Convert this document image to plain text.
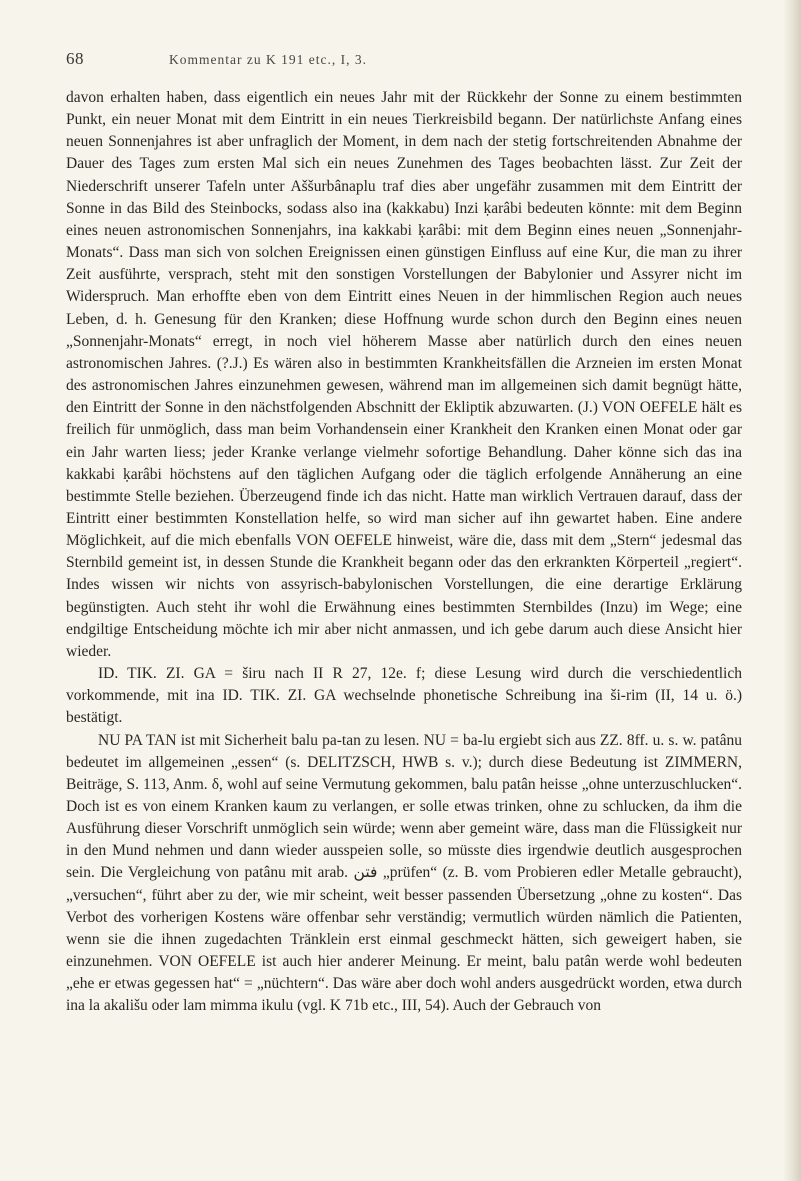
68	Kommentar zu K 191 etc., I, 3.

davon erhalten haben, dass eigentlich ein neues Jahr mit der Rückkehr der Sonne zu einem bestimmten Punkt, ein neuer Monat mit dem Eintritt in ein neues Tierkreisbild begann. Der natürlichste Anfang eines neuen Sonnenjahres ist aber unfraglich der Moment, in dem nach der stetig fortschreitenden Abnahme der Dauer des Tages zum ersten Mal sich ein neues Zunehmen des Tages beobachten lässt. Zur Zeit der Niederschrift unserer Tafeln unter Aššurbânaplu traf dies aber ungefähr zusammen mit dem Eintritt der Sonne in das Bild des Steinbocks, sodass also ina (kakkabu) Inzi ḳarâbi bedeuten könnte: mit dem Beginn eines neuen astronomischen Sonnenjahrs, ina kakkabi ḳarâbi: mit dem Beginn eines neuen „Sonnenjahr-Monats“. Dass man sich von solchen Ereignissen einen günstigen Einfluss auf eine Kur, die man zu ihrer Zeit ausführte, versprach, steht mit den sonstigen Vorstellungen der Babylonier und Assyrer nicht im Widerspruch. Man erhoffte eben von dem Eintritt eines Neuen in der himmlischen Region auch neues Leben, d. h. Genesung für den Kranken; diese Hoffnung wurde schon durch den Beginn eines neuen „Sonnenjahr-Monats“ erregt, in noch viel höherem Masse aber natürlich durch den eines neuen astronomischen Jahres. (?.J.) Es wären also in bestimmten Krankheitsfällen die Arzneien im ersten Monat des astronomischen Jahres einzunehmen gewesen, während man im allgemeinen sich damit begnügt hätte, den Eintritt der Sonne in den nächstfolgenden Abschnitt der Ekliptik abzuwarten. (J.) VON OEFELE hält es freilich für unmöglich, dass man beim Vorhandensein einer Krankheit den Kranken einen Monat oder gar ein Jahr warten liess; jeder Kranke verlange vielmehr sofortige Behandlung. Daher könne sich das ina kakkabi ḳarâbi höchstens auf den täglichen Aufgang oder die täglich erfolgende Annäherung an eine bestimmte Stelle beziehen. Überzeugend finde ich das nicht. Hatte man wirklich Vertrauen darauf, dass der Eintritt einer bestimmten Konstellation helfe, so wird man sicher auf ihn gewartet haben. Eine andere Möglichkeit, auf die mich ebenfalls VON OEFELE hinweist, wäre die, dass mit dem „Stern“ jedesmal das Sternbild gemeint ist, in dessen Stunde die Krankheit begann oder das den erkrankten Körperteil „regiert“. Indes wissen wir nichts von assyrisch-babylonischen Vorstellungen, die eine derartige Erklärung begünstigten. Auch steht ihr wohl die Erwähnung eines bestimmten Sternbildes (Inzu) im Wege; eine endgiltige Entscheidung möchte ich mir aber nicht anmassen, und ich gebe darum auch diese Ansicht hier wieder.

ID. TIK. ZI. GA = širu nach II R 27, 12e. f; diese Lesung wird durch die verschiedentlich vorkommende, mit ina ID. TIK. ZI. GA wechselnde phonetische Schreibung ina ši-rim (II, 14 u. ö.) bestätigt.

NU PA TAN ist mit Sicherheit balu pa-tan zu lesen. NU = ba-lu ergiebt sich aus ZZ. 8ff. u. s. w. patânu bedeutet im allgemeinen „essen“ (s. DELITZSCH, HWB s. v.); durch diese Bedeutung ist ZIMMERN, Beiträge, S. 113, Anm. δ, wohl auf seine Vermutung gekommen, balu patân heisse „ohne unterzuschlucken“. Doch ist es von einem Kranken kaum zu verlangen, er solle etwas trinken, ohne zu schlucken, da ihm die Ausführung dieser Vorschrift unmöglich sein würde; wenn aber gemeint wäre, dass man die Flüssigkeit nur in den Mund nehmen und dann wieder ausspeien solle, so müsste dies irgendwie deutlich ausgesprochen sein. Die Vergleichung von patânu mit arab. فتن „prüfen“ (z. B. vom Probieren edler Metalle gebraucht), „versuchen“, führt aber zu der, wie mir scheint, weit besser passenden Übersetzung „ohne zu kosten“. Das Verbot des vorherigen Kostens wäre offenbar sehr verständig; vermutlich würden nämlich die Patienten, wenn sie die ihnen zugedachten Tränklein erst einmal geschmeckt hätten, sich geweigert haben, sie einzunehmen. VON OEFELE ist auch hier anderer Meinung. Er meint, balu patân werde wohl bedeuten „ehe er etwas gegessen hat“ = „nüchtern“. Das wäre aber doch wohl anders ausgedrückt worden, etwa durch ina la akališu oder lam mimma ikulu (vgl. K 71b etc., III, 54). Auch der Gebrauch von
